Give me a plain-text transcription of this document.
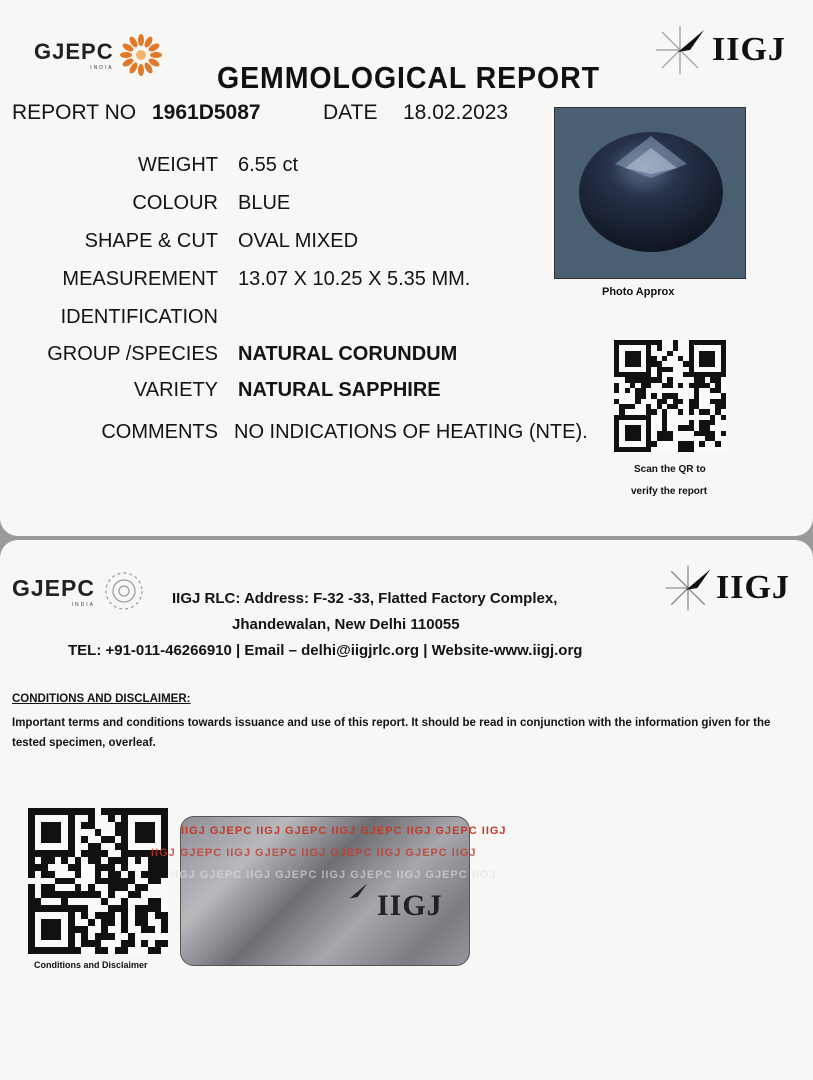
GJEPC
INDIA	IIGJ
GEMMOLOGICAL REPORT
REPORT NO 1961D5087	DATE 18.02.2023
WEIGHT 6.55 ct
COLOUR BLUE
SHAPE & CUT OVAL MIXED
MEASUREMENT 13.07 X 10.25 X 5.35 MM.
IDENTIFICATION
GROUP /SPECIES NATURAL CORUNDUM
VARIETY NATURAL SAPPHIRE
COMMENTS NO INDICATIONS OF HEATING (NTE).
Photo Approx
Scan the QR to
verify the report
GJEPC
INDIA	IIGJ
IIGJ RLC: Address: F-32 -33, Flatted Factory Complex,
Jhandewalan, New Delhi 110055
TEL: +91-011-46266910 | Email – delhi@iigjrlc.org | Website-www.iigj.org
CONDITIONS AND DISCLAIMER:
Important terms and conditions towards issuance and use of this report. It should be read in conjunction with the information given for the tested specimen, overleaf.
Conditions and Disclaimer
IIGJ GJEPC IIGJ GJEPC IIGJ GJEPC IIGJ GJEPC IIGJ
IIGJ GJEPC IIGJ GJEPC IIGJ GJEPC IIGJ GJEPC IIGJ
IIGJ GJEPC IIGJ GJEPC IIGJ GJEPC IIGJ GJEPC IIGJ
IIGJ
